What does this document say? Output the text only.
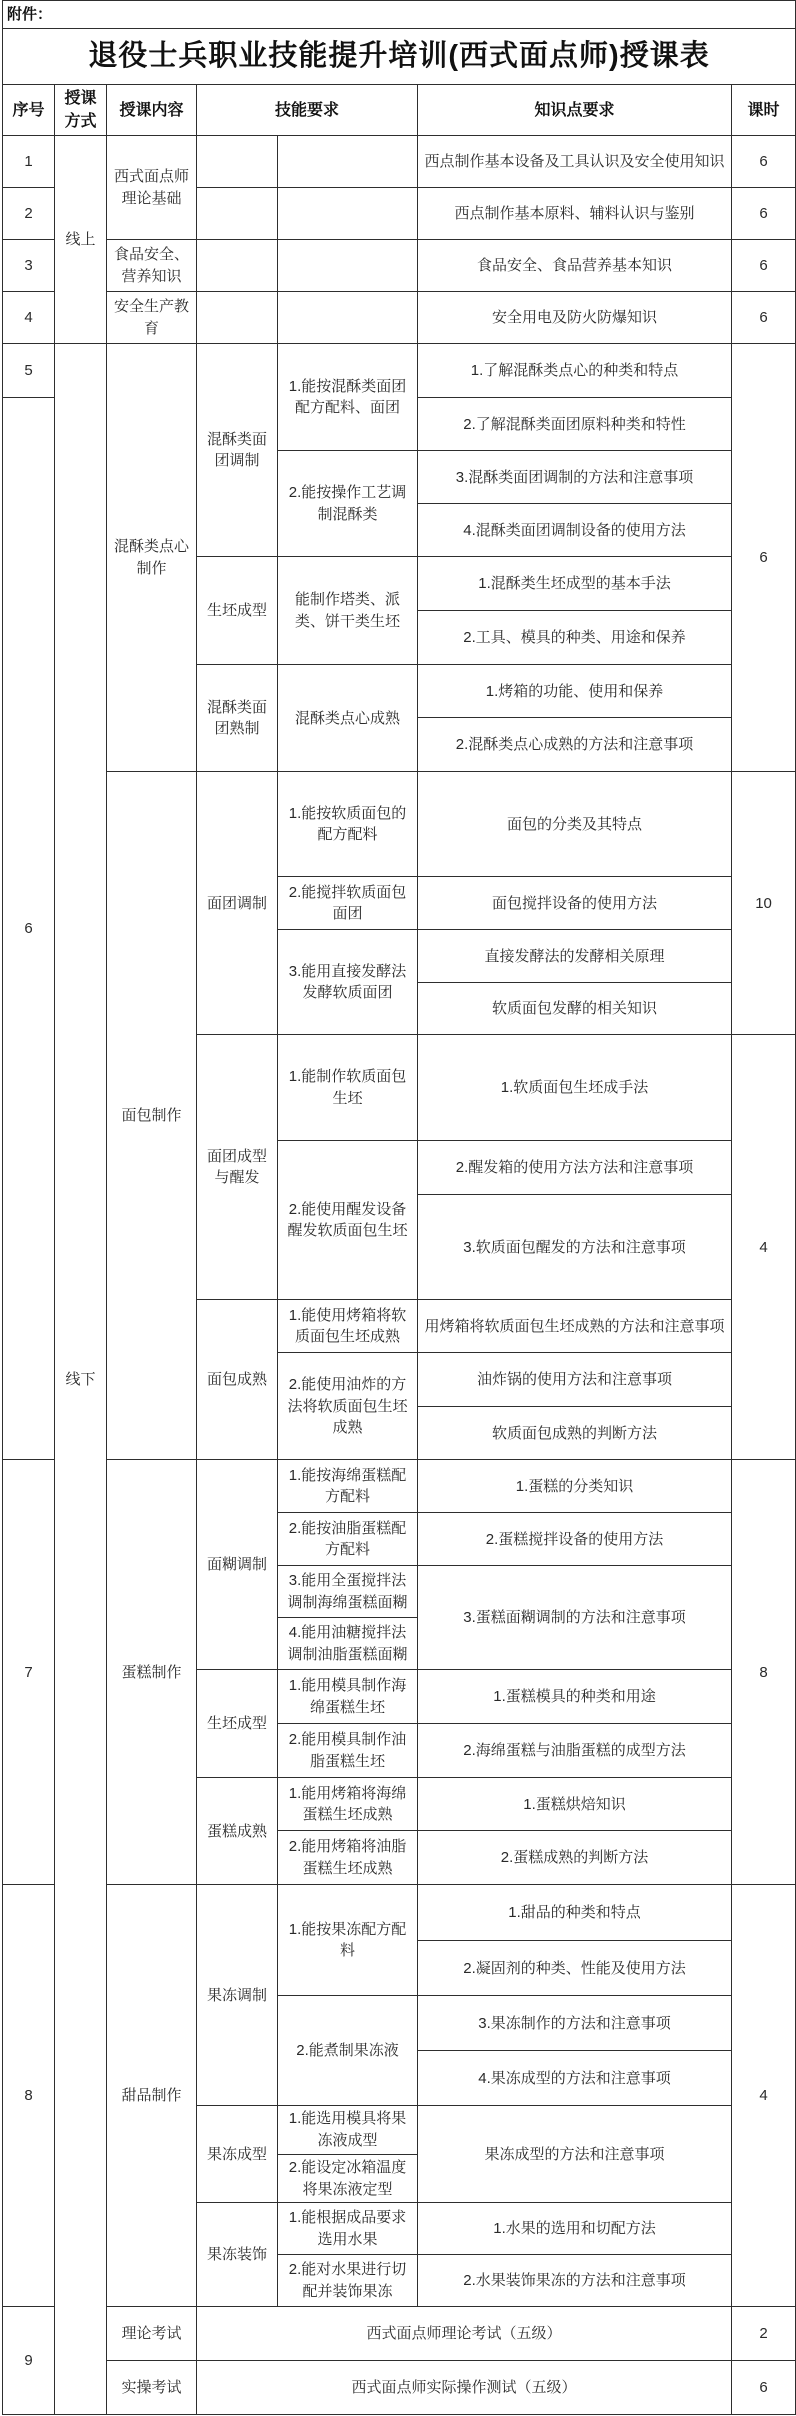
附件：						
退役士兵职业技能提升培训(西式面点师)授课表						
序号	授课方式	授课内容	技能要求		知识点要求	课时
1	线上	西式面点师理论基础			西点制作基本设备及工具认识及安全使用知识	6
2					西点制作基本原料、辅料认识与鉴别	6
3		食品安全、营养知识			食品安全、食品营养基本知识	6
4		安全生产教育			安全用电及防火防爆知识	6
5	线下	混酥类点心制作	混酥类面团调制	1.能按混酥类面团配方配料、面团	1.了解混酥类点心的种类和特点	6
6					2.了解混酥类面团原料种类和特性	
				2.能按操作工艺调制混酥类	3.混酥类面团调制的方法和注意事项	
					4.混酥类面团调制设备的使用方法	
			生坯成型	能制作塔类、派类、饼干类生坯	1.混酥类生坯成型的基本手法	
					2.工具、模具的种类、用途和保养	
			混酥类面团熟制	混酥类点心成熟	1.烤箱的功能、使用和保养	
					2.混酥类点心成熟的方法和注意事项	
		面包制作	面团调制	1.能按软质面包的配方配料	面包的分类及其特点	10
				2.能搅拌软质面包面团	面包搅拌设备的使用方法	
				3.能用直接发酵法发酵软质面团	直接发酵法的发酵相关原理	
					软质面包发酵的相关知识	
			面团成型与醒发	1.能制作软质面包生坯	1.软质面包生坯成手法	4
				2.能使用醒发设备醒发软质面包生坯	2.醒发箱的使用方法方法和注意事项	
					3.软质面包醒发的方法和注意事项	
			面包成熟	1.能使用烤箱将软质面包生坯成熟	用烤箱将软质面包生坯成熟的方法和注意事项	
				2.能使用油炸的方法将软质面包生坯成熟	油炸锅的使用方法和注意事项	
					软质面包成熟的判断方法	
7		蛋糕制作	面糊调制	1.能按海绵蛋糕配方配料	1.蛋糕的分类知识	8
				2.能按油脂蛋糕配方配料	2.蛋糕搅拌设备的使用方法	
				3.能用全蛋搅拌法调制海绵蛋糕面糊	3.蛋糕面糊调制的方法和注意事项	
				4.能用油糖搅拌法调制油脂蛋糕面糊		
			生坯成型	1.能用模具制作海绵蛋糕生坯	1.蛋糕模具的种类和用途	
				2.能用模具制作油脂蛋糕生坯	2.海绵蛋糕与油脂蛋糕的成型方法	
			蛋糕成熟	1.能用烤箱将海绵蛋糕生坯成熟	1.蛋糕烘焙知识	
				2.能用烤箱将油脂蛋糕生坯成熟	2.蛋糕成熟的判断方法	
8		甜品制作	果冻调制	1.能按果冻配方配料	1.甜品的种类和特点	4
					2.凝固剂的种类、性能及使用方法	
				2.能煮制果冻液	3.果冻制作的方法和注意事项	
					4.果冻成型的方法和注意事项	
			果冻成型	1.能选用模具将果冻液成型	果冻成型的方法和注意事项	
				2.能设定冰箱温度将果冻液定型		
			果冻装饰	1.能根据成品要求选用水果	1.水果的选用和切配方法	
				2.能对水果进行切配并装饰果冻	2.水果装饰果冻的方法和注意事项	
9		理论考试	西式面点师理论考试（五级）			2
		实操考试	西式面点师实际操作测试（五级）			6
